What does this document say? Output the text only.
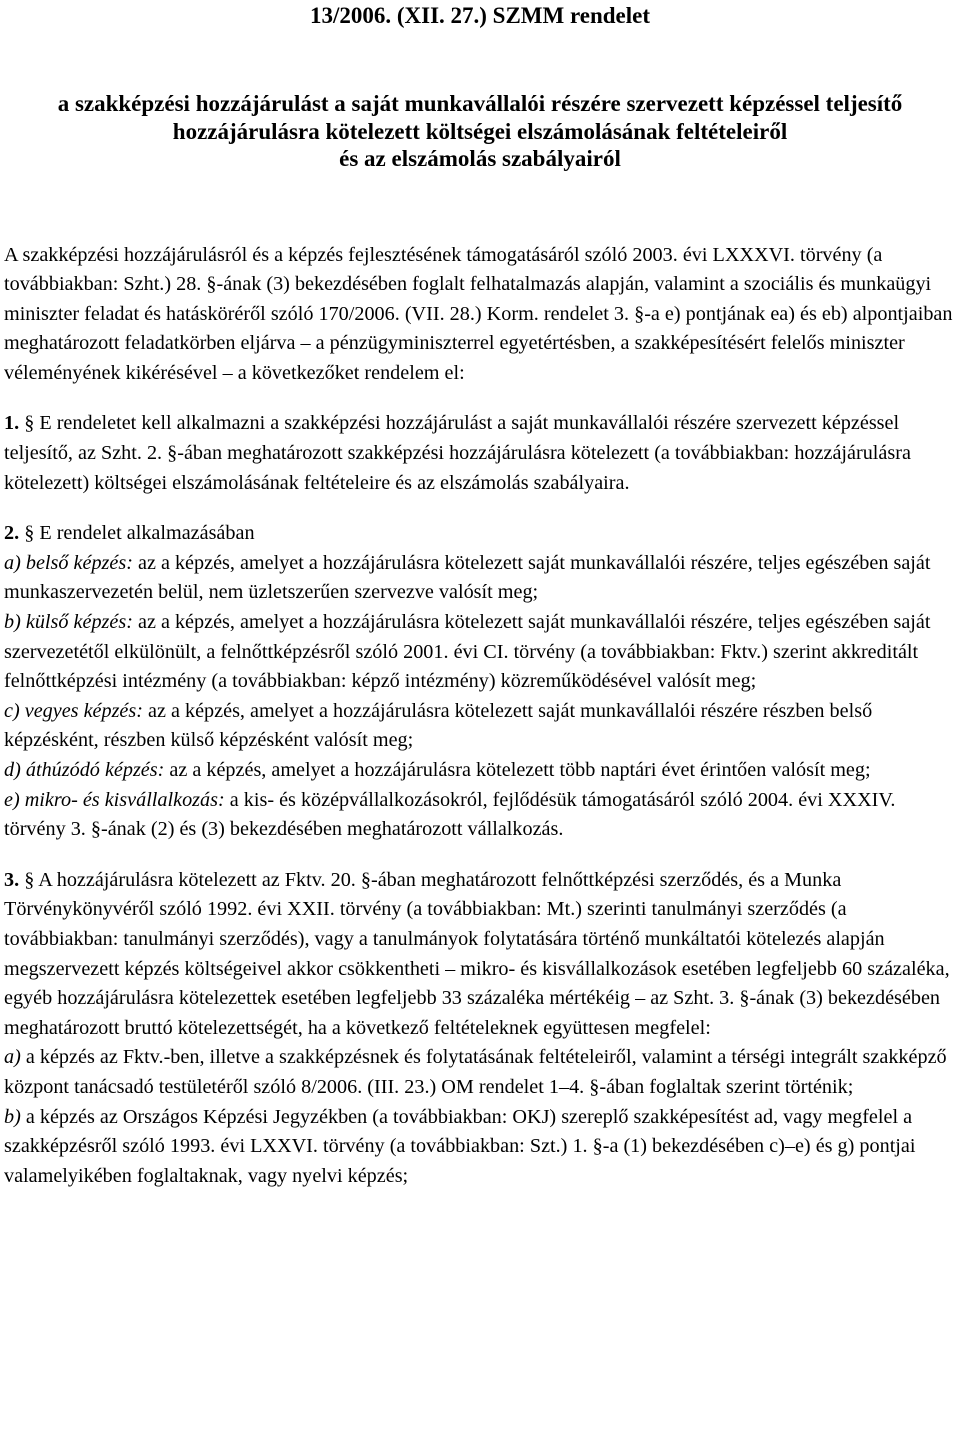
13/2006. (XII. 27.) SZMM rendelet
a szakképzési hozzájárulást a saját munkavállalói részére szervezett képzéssel teljesítő
hozzájárulásra kötelezett költségei elszámolásának feltételeiről
és az elszámolás szabályairól

A szakképzési hozzájárulásról és a képzés fejlesztésének támogatásáról szóló 2003. évi LXXXVI. törvény (a továbbiakban: Szht.) 28. §-ának (3) bekezdésében foglalt felhatalmazás alapján, valamint a szociális és munkaügyi miniszter feladat és hatásköréről szóló 170/2006. (VII. 28.) Korm. rendelet 3. §-a e) pontjának ea) és eb) alpontjaiban meghatározott feladatkörben eljárva – a pénzügyminiszterrel egyetértésben, a szakképesítésért felelős miniszter véleményének kikérésével – a következőket rendelem el:

1. § E rendeletet kell alkalmazni a szakképzési hozzájárulást a saját munkavállalói részére szervezett képzéssel teljesítő, az Szht. 2. §-ában meghatározott szakképzési hozzájárulásra kötelezett (a továbbiakban: hozzájárulásra kötelezett) költségei elszámolásának feltételeire és az elszámolás szabályaira.

2. § E rendelet alkalmazásában

a) belső képzés: az a képzés, amelyet a hozzájárulásra kötelezett saját munkavállalói részére, teljes egészében saját munkaszervezetén belül, nem üzletszerűen szervezve valósít meg;

b) külső képzés: az a képzés, amelyet a hozzájárulásra kötelezett saját munkavállalói részére, teljes egészében saját szervezetétől elkülönült, a felnőttképzésről szóló 2001. évi CI. törvény (a továbbiakban: Fktv.) szerint akkreditált felnőttképzési intézmény (a továbbiakban: képző intézmény) közreműködésével valósít meg;

c) vegyes képzés: az a képzés, amelyet a hozzájárulásra kötelezett saját munkavállalói részére részben belső képzésként, részben külső képzésként valósít meg;

d) áthúzódó képzés: az a képzés, amelyet a hozzájárulásra kötelezett több naptári évet érintően valósít meg;

e) mikro- és kisvállalkozás: a kis- és középvállalkozásokról, fejlődésük támogatásáról szóló 2004. évi XXXIV. törvény 3. §-ának (2) és (3) bekezdésében meghatározott vállalkozás.

3. § A hozzájárulásra kötelezett az Fktv. 20. §-ában meghatározott felnőttképzési szerződés, és a Munka Törvénykönyvéről szóló 1992. évi XXII. törvény (a továbbiakban: Mt.) szerinti tanulmányi szerződés (a továbbiakban: tanulmányi szerződés), vagy a tanulmányok folytatására történő munkáltatói kötelezés alapján megszervezett képzés költségeivel akkor csökkentheti – mikro- és kisvállalkozások esetében legfeljebb 60 százaléka, egyéb hozzájárulásra kötelezettek esetében legfeljebb 33 százaléka mértékéig – az Szht. 3. §-ának (3) bekezdésében meghatározott bruttó kötelezettségét, ha a következő feltételeknek együttesen megfelel:

a) a képzés az Fktv.-ben, illetve a szakképzésnek és folytatásának feltételeiről, valamint a térségi integrált szakképző központ tanácsadó testületéről szóló 8/2006. (III. 23.) OM rendelet 1–4. §-ában foglaltak szerint történik;

b) a képzés az Országos Képzési Jegyzékben (a továbbiakban: OKJ) szereplő szakképesítést ad, vagy megfelel a szakképzésről szóló 1993. évi LXXVI. törvény (a továbbiakban: Szt.) 1. §-a (1) bekezdésében c)–e) és g) pontjai valamelyikében foglaltaknak, vagy nyelvi képzés;
